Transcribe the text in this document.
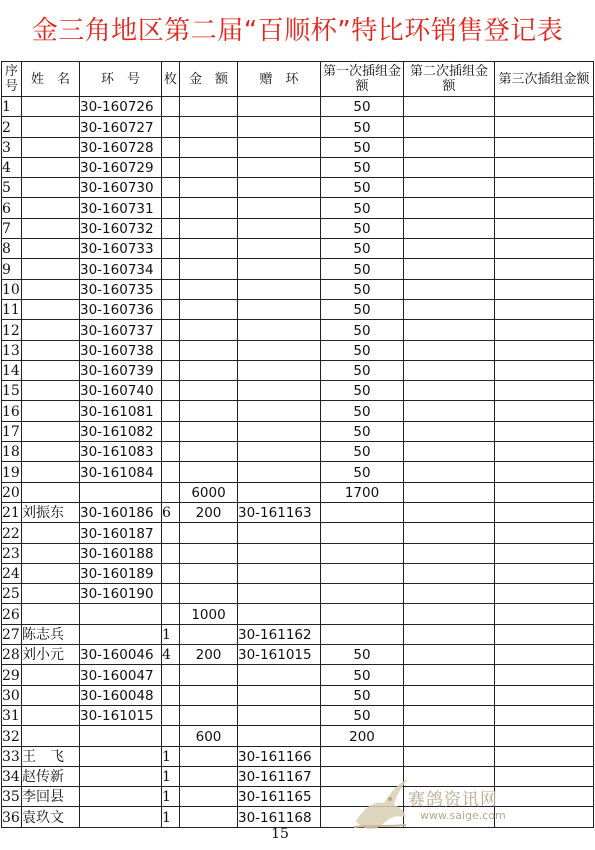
金三角地区第二届“百顺杯”特比环销售登记表
序号	姓　名	环　号	枚	金　额	赠　环	第一次插组金额	第二次插组金额	第三次插组金额
1		30-160726				50		
2		30-160727				50		
3		30-160728				50		
4		30-160729				50		
5		30-160730				50		
6		30-160731				50		
7		30-160732				50		
8		30-160733				50		
9		30-160734				50		
10		30-160735				50		
11		30-160736				50		
12		30-160737				50		
13		30-160738				50		
14		30-160739				50		
15		30-160740				50		
16		30-161081				50		
17		30-161082				50		
18		30-161083				50		
19		30-161084				50		
20				6000		1700		
21	刘振东	30-160186	6	200	30-161163			
22		30-160187						
23		30-160188						
24		30-160189						
25		30-160190						
26				1000				
27	陈志兵		1		30-161162			
28	刘小元	30-160046	4	200	30-161015	50		
29		30-160047				50		
30		30-160048				50		
31		30-161015				50		
32				600		200		
33	王　飞		1		30-161166			
34	赵传新		1		30-161167			
35	李回县		1		30-161165			
36	袁玖文		1		30-161168			
15
赛鸽资讯网
www.saige.com
